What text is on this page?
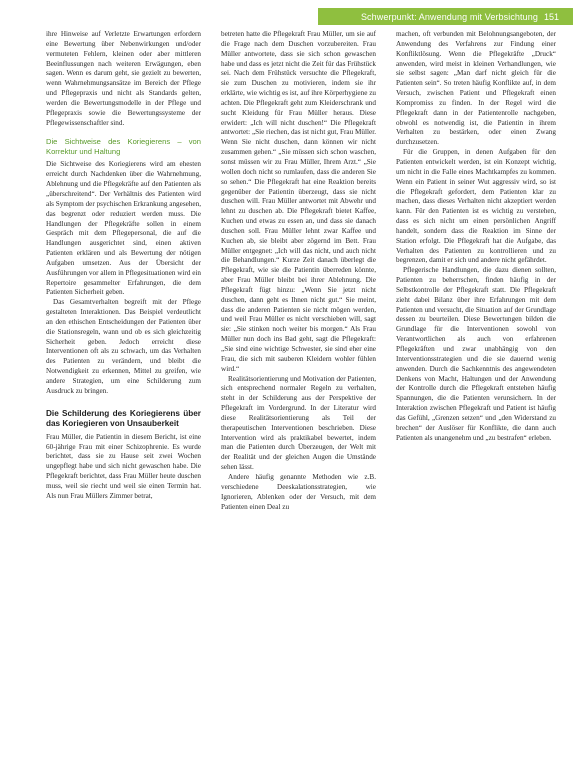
Schwerpunkt: Anwendung mit Verbsichtung 151

ihre Hinweise auf Verletzte Erwartungen erfordern eine Bewertung über Nebenwirkungen und/oder vermuteten Fehlern, kleinen oder aber mittleren Beeinflussungen nach weiteren Erwägungen, eben sagen. Wenn es darum geht, sie gezielt zu bewerten, wenn Wahrnehmungsansätze im Bereich der Pflege und Pflegepraxis und nicht als Standards gelten, werden die Bewertungsmodelle in der Pflege und Pflegepraxis sowie die Bewertungssysteme der Pflegewissenschaftler sind.

Die Sichtweise des Koriegierens – von Korrektur und Haltung

Die Sichtweise des Koriegierens wird am ehesten erreicht durch Nachdenken über die Wahrnehmung, Ablehnung und die Pflegekräfte auf den Patienten als „überschreitend“. Der Verhältnis des Patienten wird als Symptom der psychischen Erkrankung angesehen, das begrenzt oder reduziert werden muss. Die Handlungen der Pflegekräfte sollen in einem Gespräch mit dem Pflegepersonal, die auf die Handlungen ausgerichtet sind, einen aktiven Patienten erklären und als Bewertung der nötigen Aufgaben umsetzen. Aus der Übersicht der Ausführungen vor allem in Pflegesituationen wird ein Repertoire gesammelter Erfahrungen, die dem Patienten Sicherheit geben.

Das Gesamtverhalten begreift mit der Pflege gestalteten Interaktionen. Das Beispiel verdeutlicht an den ethischen Entscheidungen der Patienten über die Stationsregeln, wann und ob es sich gleichzeitig Sicherheit geben. Jedoch erreicht diese Interventionen oft als zu schwach, um das Verhalten des Patienten zu verändern, und bleibt die Notwendigkeit zu erkennen, Mittel zu greifen, wie andere Strategien, um eine Schilderung zum Ausdruck zu bringen.

Die Schilderung des Koriegierens über das Koriegieren von Unsauberkeit

Frau Müller, die Patientin in diesem Bericht, ist eine 60-jährige Frau mit einer Schizophrenie. Es wurde berichtet, dass sie zu Hause seit zwei Wochen ungepflegt habe und sich nicht gewaschen habe. Die Pflegekraft berichtet, dass Frau Müller heute duschen muss, weil sie riecht und weil sie einen Termin hat. Als nun Frau Müllers Zimmer betrat,

betreten hatte die Pflegekraft Frau Müller, um sie auf die Frage nach dem Duschen vorzubereiten. Frau Müller antwortete, dass sie sich schon gewaschen habe und dass es jetzt nicht die Zeit für das Frühstück sei. Nach dem Frühstück versuchte die Pflegekraft, sie zum Duschen zu motivieren, indem sie ihr erklärte, wie wichtig es ist, auf ihre Körperhygiene zu achten. Die Pflegekraft geht zum Kleiderschrank und sucht Kleidung für Frau Müller heraus. Diese erwidert: „Ich will nicht duschen!“ Die Pflegekraft antwortet: „Sie riechen, das ist nicht gut, Frau Müller. Wenn Sie nicht duschen, dann können wir nicht zusammen gehen.“ „Sie müssen sich schon waschen, sonst müssen wir zu Frau Müller, Ihrem Arzt.“ „Sie wollen doch nicht so rumlaufen, dass die anderen Sie so sehen.“ Die Pflegekraft hat eine Reaktion bereits gegenüber der Patientin überzeugt, dass sie nicht duschen will. Frau Müller antwortet mit Abwehr und lehnt zu duschen ab. Die Pflegekraft bietet Kaffee, Kuchen und etwas zu essen an, und dass sie danach duschen soll. Frau Müller lehnt zwar Kaffee und Kuchen ab, sie bleibt aber zögernd im Bett. Frau Müller entgegnet: „Ich will das nicht, und auch nicht die Behandlungen.“ Kurze Zeit danach überlegt die Pflegekraft, wie sie die Patientin überreden könnte, aber Frau Müller bleibt bei ihrer Ablehnung. Die Pflegekraft fügt hinzu: „Wenn Sie jetzt nicht duschen, dann geht es Ihnen nicht gut.“ Sie meint, dass die anderen Patienten sie nicht mögen werden, und weil Frau Müller es nicht verschieben will, sagt sie: „Sie stinken noch weiter bis morgen.“ Als Frau Müller nun doch ins Bad geht, sagt die Pflegekraft: „Sie sind eine wichtige Schwester, sie sind eher eine Frau, die sich mit sauberen Kleidern wohler fühlen wird.“

Realitätsorientierung und Motivation der Patienten, sich entsprechend normaler Regeln zu verhalten, steht in der Schilderung aus der Perspektive der Pflegekraft im Vordergrund. In der Literatur wird diese Realitätsorientierung als Teil der therapeutischen Interventionen beschrieben. Diese Intervention wird als praktikabel bewertet, indem man die Patienten durch Überzeugen, der Welt mit der Realität und der gleichen Augen die Umstände sehen lässt.

Andere häufig genannte Methoden wie z.B. verschiedene Deeskalationsstrategien, wie Ignorieren, Ablenken oder der Versuch, mit dem Patienten einen Deal zu

machen, oft verbunden mit Belohnungsangeboten, der Anwendung des Verfahrens zur Findung einer Konfliktlösung. Wenn die Pflegekräfte „Druck“ anwenden, wird meist in kleinen Verhandlungen, wie sie selbst sagen: „Man darf nicht gleich für die Patienten sein“. So treten häufig Konflikte auf, in dem Versuch, zwischen Patient und Pflegekraft einen Kompromiss zu finden. In der Regel wird die Pflegekraft dann in der Patientenrolle nachgeben, obwohl es notwendig ist, die Patientin in ihrem Verhalten zu bestärken, oder einen Zwang durchzusetzen.

Für die Gruppen, in denen Aufgaben für den Patienten entwickelt werden, ist ein Konzept wichtig, um nicht in die Falle eines Machtkampfes zu kommen. Wenn ein Patient in seiner Wut aggressiv wird, so ist die Pflegekraft gefordert, dem Patienten klar zu machen, dass dieses Verhalten nicht akzeptiert werden kann. Für den Patienten ist es wichtig zu verstehen, dass es sich nicht um einen persönlichen Angriff handelt, sondern dass die Reaktion im Sinne der Station erfolgt. Die Pflegekraft hat die Aufgabe, das Verhalten des Patienten zu kontrollieren und zu begrenzen, damit er sich und andere nicht gefährdet.

Pflegerische Handlungen, die dazu dienen sollten, Patienten zu beherrschen, finden häufig in der Selbstkontrolle der Pflegekraft statt. Die Pflegekraft zieht dabei Bilanz über ihre Erfahrungen mit dem Patienten und versucht, die Situation auf der Grundlage dessen zu beurteilen. Diese Bewertungen bilden die Grundlage für die Interventionen sowohl von Verantwortlichen als auch von erfahrenen Pflegekräften und zwar unabhängig von den Interventionsstrategien und die sie dauernd wenig anwenden. Durch die Sachkenntnis des angewendeten Denkens von Macht, Haltungen und der Anwendung der Kontrolle durch die Pflegekraft entstehen häufig Spannungen, die die Patienten verunsichern. In der Interaktion zwischen Pflegekraft und Patient ist häufig das Gefühl, „Grenzen setzen“ und „den Widerstand zu brechen“ der Auslöser für Konflikte, die dann auch Patienten als unangenehm und „zu bestrafen“ erleben.
